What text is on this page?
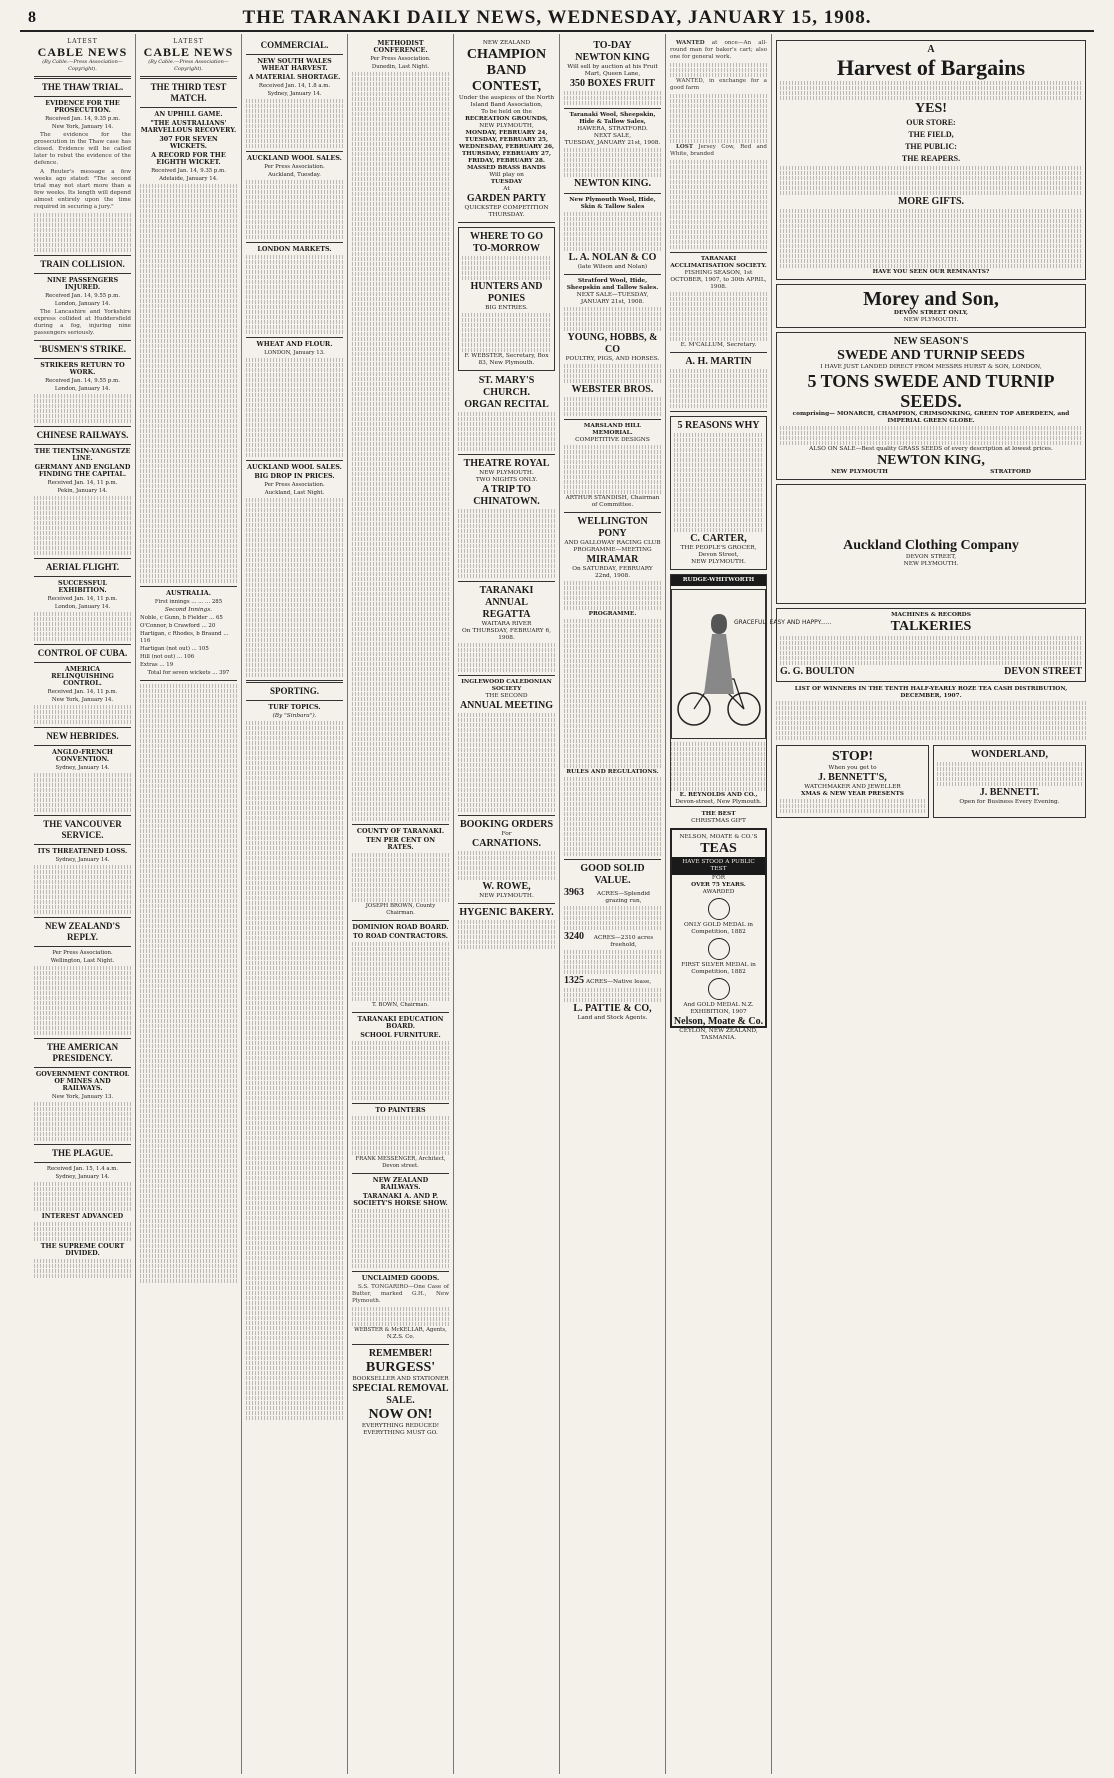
8	THE TARANAKI DAILY NEWS, WEDNESDAY, JANUARY 15, 1908.
LATEST
CABLE NEWS
(By Cable.—Press Association—Copyright).
THE THAW TRIAL.
EVIDENCE FOR THE PROSECUTION.
Received Jan. 14, 9.35 p.m.
New York, January 14.
The evidence for the prosecution in the Thaw case has closed. Evidence will be called later to rebut the evidence of the defence.
A Reuter's message a few weeks ago stated: "The second trial may not start more than a few weeks. Its length will depend almost entirely upon the time required in securing a jury."
TRAIN COLLISION.
NINE PASSENGERS INJURED.
Received Jan. 14, 9.55 p.m.
London, January 14.
The Lancashire and Yorkshire express collided at Huddersfield during a fog, injuring nine passengers seriously.
'BUSMEN'S STRIKE.
STRIKERS RETURN TO WORK.
Received Jan. 14, 9.55 p.m.
London, January 14.
CHINESE RAILWAYS.
THE TIENTSIN-YANGSTZE LINE.
GERMANY AND ENGLAND FINDING THE CAPITAL.
Received Jan. 14, 11 p.m.
Pekin, January 14.
AERIAL FLIGHT.
SUCCESSFUL EXHIBITION.
Received Jan. 14, 11 p.m.
London, January 14.
CONTROL OF CUBA.
AMERICA RELINQUISHING CONTROL.
Received Jan. 14, 11 p.m.
New York, January 14.
NEW HEBRIDES.
ANGLO-FRENCH CONVENTION.
Sydney, January 14.
THE VANCOUVER SERVICE.
ITS THREATENED LOSS.
Sydney, January 14.
NEW ZEALAND'S REPLY.
Per Press Association.
Wellington, Last Night.
THE AMERICAN PRESIDENCY.
GOVERNMENT CONTROL OF MINES AND RAILWAYS.
New York, January 13.
THE PLAGUE.
Received Jan. 15, 1.4 a.m.
Sydney, January 14.
INTEREST ADVANCED
THE SUPREME COURT DIVIDED.
LATEST
CABLE NEWS
(By Cable.—Press Association—Copyright).
THE THIRD TEST MATCH.
AN UPHILL GAME.
"THE AUSTRALIANS' MARVELLOUS RECOVERY.
307 FOR SEVEN WICKETS.
A RECORD FOR THE EIGHTH WICKET.
Received Jan. 14, 9.35 p.m.
Adelaide, January 14.
AUSTRALIA.
First innings ... ... ... 285
Second Innings.
Noble, c Gunn, b Fielder ... 65
O'Connor, b Crawford ... 20
Hartigan, c Rhodes, b Braund ... 116
Hartigan (not out) ... 105
Hill (not out) ... 106
Extras ... 19
Total for seven wickets ... 397
COMMERCIAL.
NEW SOUTH WALES WHEAT HARVEST.
A MATERIAL SHORTAGE.
Received Jan. 14, 1.8 a.m.
Sydney, January 14.
AUCKLAND WOOL SALES.
Per Press Association.
Auckland, Tuesday.
LONDON MARKETS.
WHEAT AND FLOUR.
LONDON, January 13.
AUCKLAND WOOL SALES.
BIG DROP IN PRICES.
Per Press Association.
Auckland, Last Night.
SPORTING.
TURF TOPICS.
(By "Sinbara").
METHODIST CONFERENCE.
Per Press Association.
Dunedin, Last Night.
COUNTY OF TARANAKI.
TEN PER CENT ON RATES.
JOSEPH BROWN, County Chairman.
DOMINION ROAD BOARD.
TO ROAD CONTRACTORS.
T. BOWN, Chairman.
TARANAKI EDUCATION BOARD.
SCHOOL FURNITURE.
TO PAINTERS
FRANK MESSENGER, Architect, Devon street.
NEW ZEALAND RAILWAYS.
TARANAKI A. AND P. SOCIETY'S HORSE SHOW.
UNCLAIMED GOODS.
S.S. TONGARIRO—One Case of Butter, marked G.H., New Plymouth.
WEBSTER & McKELLAR, Agents, N.Z.S. Co.
REMEMBER!
BURGESS'
BOOKSELLER AND STATIONER
SPECIAL REMOVAL SALE.
NOW ON!
EVERYTHING REDUCED!
EVERYTHING MUST GO.
NEW ZEALAND
CHAMPION
BAND
CONTEST,
Under the auspices of the North Island Band Association,
To be held on the
RECREATION GROUNDS,
NEW PLYMOUTH,
MONDAY, FEBRUARY 24,
TUESDAY, FEBRUARY 25,
WEDNESDAY, FEBRUARY 26,
THURSDAY, FEBRUARY 27,
FRIDAY, FEBRUARY 28.
MASSED BRASS BANDS
Will play on
TUESDAY
At
GARDEN PARTY
QUICKSTEP COMPETITION
THURSDAY.
WHERE TO GO
TO-MORROW
HUNTERS AND PONIES
BIG ENTRIES.
F. WEBSTER, Secretary, Box 83, New Plymouth.
ST. MARY'S CHURCH.
ORGAN RECITAL
THEATRE ROYAL
NEW PLYMOUTH.
TWO NIGHTS ONLY.
A TRIP TO CHINATOWN.
TARANAKI ANNUAL
REGATTA
WAITARA RIVER
On THURSDAY, FEBRUARY 6, 1908.
INGLEWOOD CALEDONIAN SOCIETY
THE SECOND
ANNUAL MEETING
BOOKING ORDERS
For
CARNATIONS.
W. ROWE,
NEW PLYMOUTH.
HYGENIC BAKERY.
TO-DAY
NEWTON KING
Will sell by auction at his Fruit Mart, Queen Lane,
350 BOXES FRUIT
Taranaki Wool, Sheepskin, Hide & Tallow Sales,
HAWERA, STRATFORD.
NEXT SALE,
TUESDAY, JANUARY 21st, 1908.
NEWTON KING.
New Plymouth Wool, Hide, Skin & Tallow Sales
L. A. NOLAN & CO
(late Wilson and Nolan)
Stratford Wool, Hide, Sheepskin and Tallow Sales.
NEXT SALE—TUESDAY, JANUARY 21st, 1908.
YOUNG, HOBBS, & CO
POULTRY, PIGS, AND HORSES.
WEBSTER BROS.
MARSLAND HILL MEMORIAL.
COMPETITIVE DESIGNS
ARTHUR STANDISH, Chairman of Committee.
WELLINGTON PONY
AND GALLOWAY RACING CLUB
PROGRAMME—MEETING
MIRAMAR
On SATURDAY, FEBRUARY 22nd, 1908.
PROGRAMME.
RULES AND REGULATIONS.
GOOD SOLID VALUE.
3963	ACRES—Splendid grazing run,
3240	ACRES—2310 acres freehold,
1325 ACRES—Native lease,
L. PATTIE & CO,
Land and Stock Agents.
WANTED at once—An all-round man for baker's cart; also one for general work.
WANTED, in exchange for a good farm
LOST Jersey Cow, Red and White, branded
TARANAKI ACCLIMATISATION SOCIETY.
FISHING SEASON, 1st OCTOBER, 1907, to 30th APRIL, 1908.
E. M'CALLUM, Secretary.
A. H. MARTIN
5 REASONS WHY
C. CARTER,
THE PEOPLE'S GROCER,
Devon Street,
NEW PLYMOUTH.
RUDGE-WHITWORTH
GRACEFUL, EASY AND HAPPY......
E. REYNOLDS AND CO.,
Devon-street, New Plymouth.
THE BEST
CHRISTMAS GIFT
NELSON, MOATE & CO.'S
TEAS
HAVE STOOD A PUBLIC TEST
FOR
OVER 75 YEARS.
AWARDED
ONLY GOLD MEDAL in Competition, 1882
FIRST SILVER MEDAL in Competition, 1882
And GOLD MEDAL N.Z. EXHIBITION, 1907
Nelson, Moate & Co.
CEYLON, NEW ZEALAND, TASMANIA.
A
Harvest of Bargains
YES!
OUR STORE:
THE FIELD,
THE PUBLIC:
THE REAPERS.
MORE GIFTS.
HAVE YOU SEEN OUR REMNANTS?
Morey and Son,
DEVON STREET ONLY,
NEW PLYMOUTH.
NEW SEASON'S
SWEDE AND TURNIP SEEDS
I HAVE JUST LANDED DIRECT FROM MESSRS HURST & SON, LONDON,
5 TONS SWEDE AND TURNIP SEEDS.
comprising— MONARCH, CHAMPION, CRIMSONKING, GREEN TOP ABERDEEN, and IMPERIAL GREEN GLOBE.
ALSO ON SALE—Best quality GRASS SEEDS of every description at lowest prices.
NEWTON KING,
NEW PLYMOUTH	STRATFORD
Auckland Clothing Company
DEVON STREET,
NEW PLYMOUTH.
MACHINES & RECORDS
TALKERIES
G. G. BOULTON	DEVON STREET
LIST OF WINNERS IN THE TENTH HALF-YEARLY ROZE TEA CASH DISTRIBUTION, DECEMBER, 1907.
STOP!
When you get to
J. BENNETT'S,
WATCHMAKER AND JEWELLER
XMAS & NEW YEAR PRESENTS
WONDERLAND,
J. BENNETT.
Open for Business Every Evening.
